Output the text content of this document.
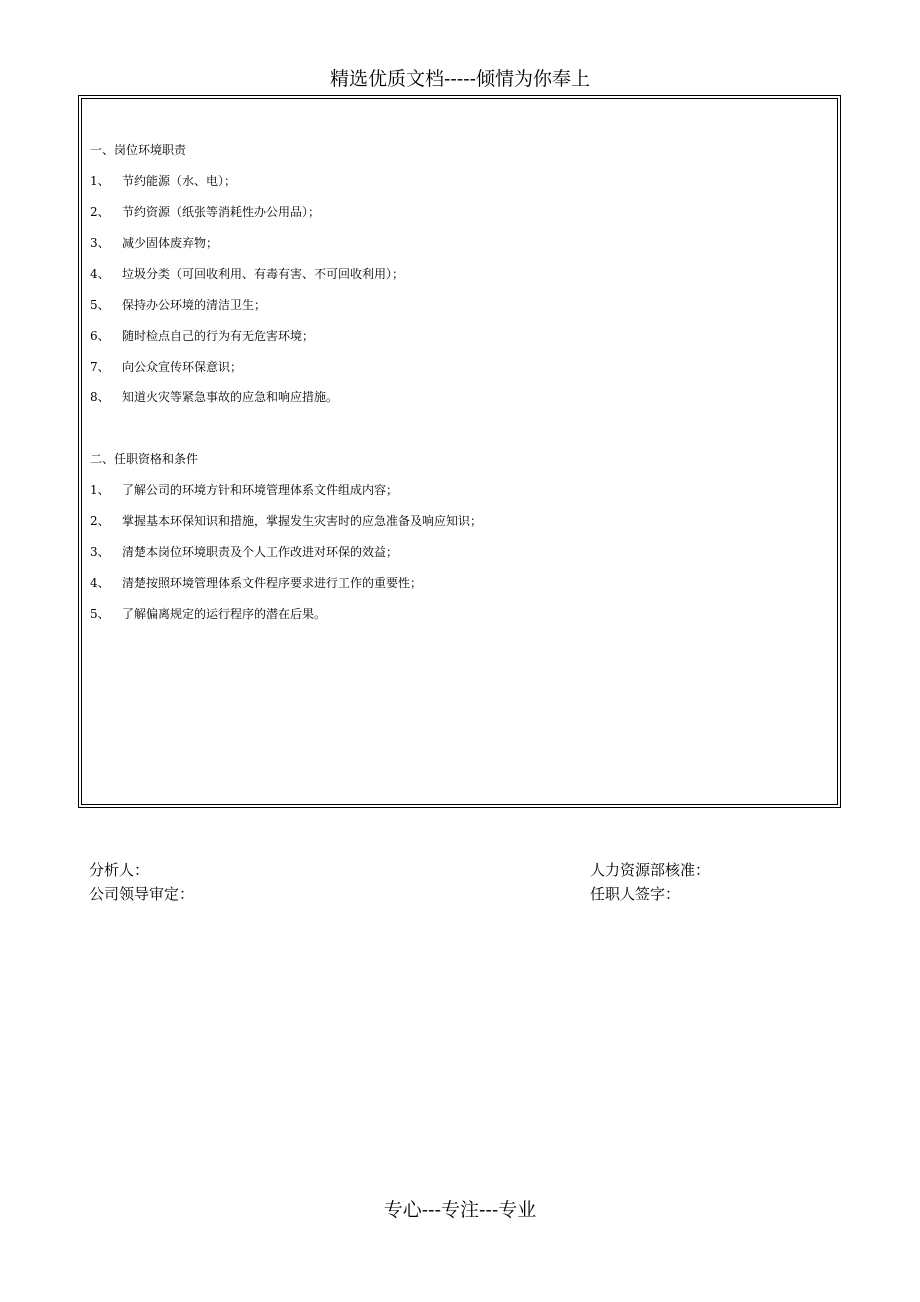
精选优质文档-----倾情为你奉上
一、岗位环境职责
1、 节约能源（水、电）；
2、 节约资源（纸张等消耗性办公用品）；
3、 减少固体废弃物；
4、 垃圾分类（可回收利用、有毒有害、不可回收利用）；
5、 保持办公环境的清洁卫生；
6、 随时检点自己的行为有无危害环境；
7、 向公众宣传环保意识；
8、 知道火灾等紧急事故的应急和响应措施。
二、任职资格和条件
1、 了解公司的环境方针和环境管理体系文件组成内容；
2、 掌握基本环保知识和措施，掌握发生灾害时的应急准备及响应知识；
3、 清楚本岗位环境职责及个人工作改进对环保的效益；
4、 清楚按照环境管理体系文件程序要求进行工作的重要性；
5、 了解偏离规定的运行程序的潜在后果。
分析人：	人力资源部核准：
公司领导审定：	任职人签字：
专心---专注---专业
